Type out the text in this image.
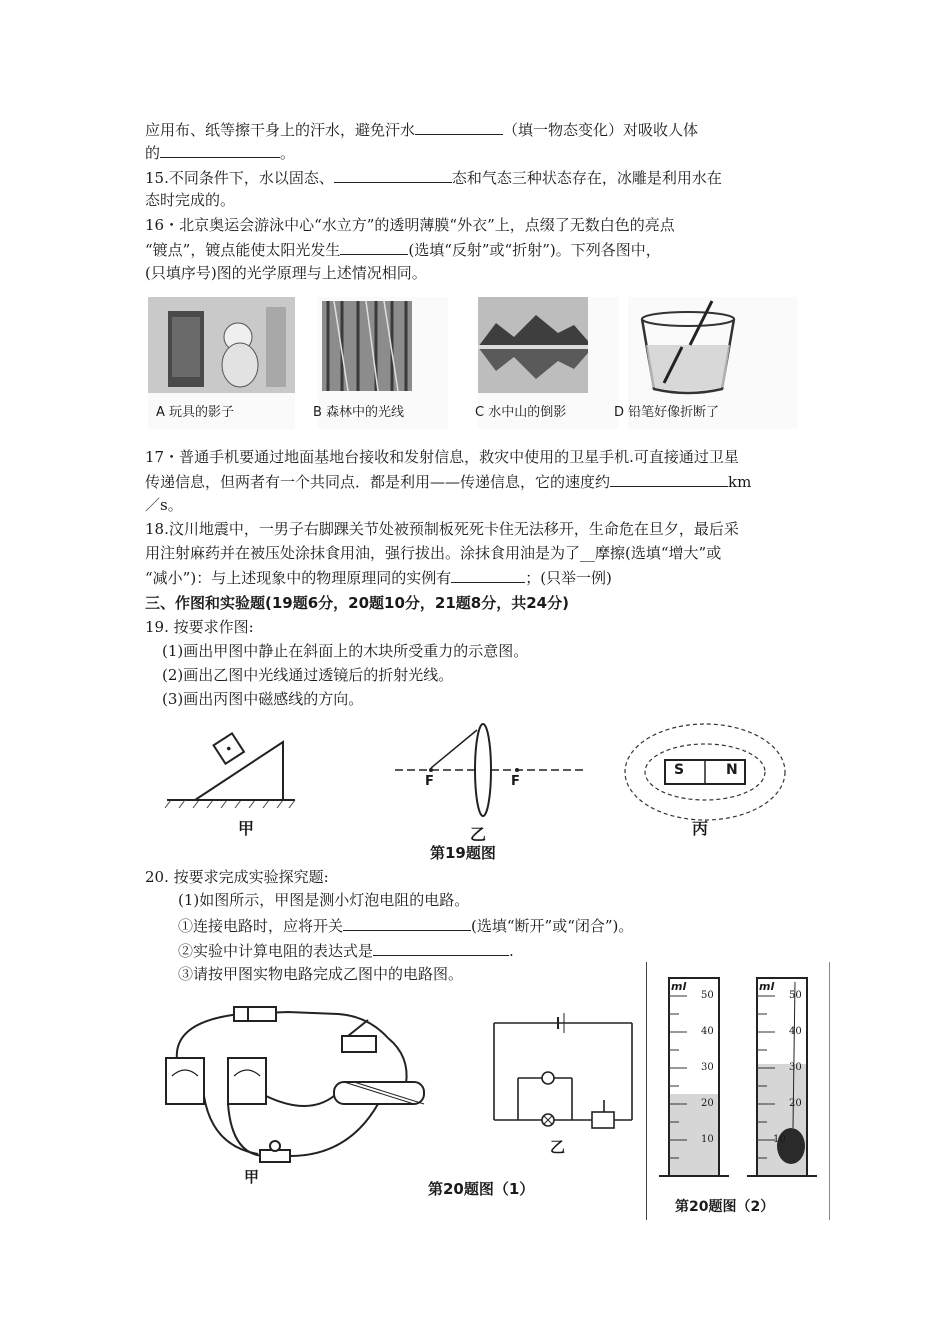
应用布、纸等擦干身上的汗水，避免汗水	（填一物态变化）对吸收人体
的	。
15.不同条件下，水以固态、	态和气态三种状态存在，冰雕是利用水在
态时完成的。
16・北京奥运会游泳中心“水立方”的透明薄膜“外衣”上，点缀了无数白色的亮点
“镀点”，镀点能使太阳光发生	(选填“反射”或“折射”)。下列各图中，
(只填序号)图的光学原理与上述情况相同。
A 玩具的影子	B 森林中的光线	C 水中山的倒影	D 铅笔好像折断了
17・普通手机要通过地面基地台接收和发射信息，救灾中使用的卫星手机.可直接通过卫星
传递信息，但两者有一个共同点．都是利用——传递信息，它的速度约	km
／s。
18.汶川地震中，一男子右脚踝关节处被预制板死死卡住无法移开，生命危在旦夕，最后采
用注射麻药并在被压处涂抹食用油，强行拔出。涂抹食用油是为了__摩擦(选填“增大”或
“减小”)：与上述现象中的物理原理同的实例有	；(只举一例)
三、作图和实验题(19题6分，20题10分，21题8分，共24分)
19. 按要求作图:
(1)画出甲图中静止在斜面上的木块所受重力的示意图。
(2)画出乙图中光线通过透镜后的折射光线。
(3)画出丙图中磁感线的方向。
甲
F	F
乙
S	N
丙
第19题图
20. 按要求完成实验探究题:
(1)如图所示，甲图是测小灯泡电阻的电路。
①连接电路时，应将开关	(选填“断开”或“闭合”)。
②实验中计算电阻的表达式是	.
③请按甲图实物电路完成乙图中的电路图。
甲
乙
第20题图（1）
ml	ml
50
40
30
20
10
50
40
30
20
10
第20题图（2）
